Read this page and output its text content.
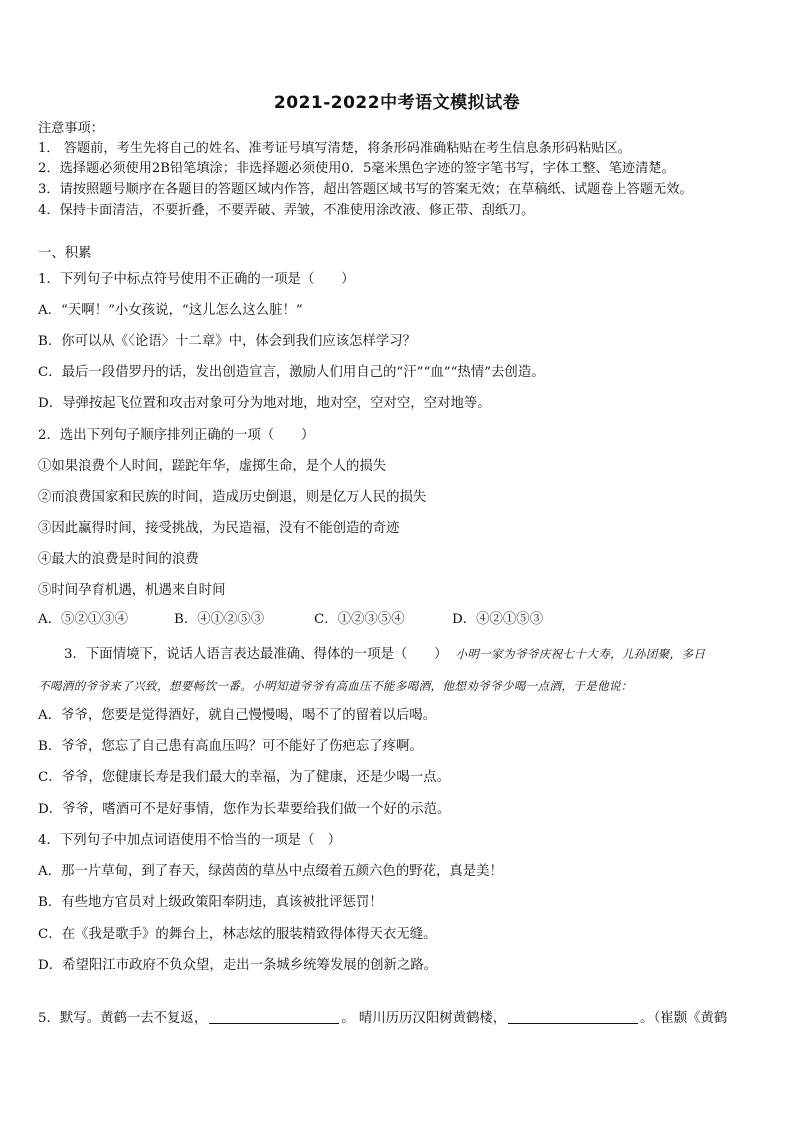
2021-2022中考语文模拟试卷
注意事项：
1． 答题前，考生先将自己的姓名、准考证号填写清楚，将条形码准确粘贴在考生信息条形码粘贴区。
2．选择题必须使用2B铅笔填涂；非选择题必须使用0．5毫米黑色字迹的签字笔书写，字体工整、笔迹清楚。
3．请按照题号顺序在各题目的答题区域内作答，超出答题区域书写的答案无效；在草稿纸、试题卷上答题无效。
4．保持卡面清洁，不要折叠，不要弄破、弄皱，不准使用涂改液、修正带、刮纸刀。
一、积累
1．下列句子中标点符号使用不正确的一项是（　　）
A．“天啊！”小女孩说，“这儿怎么这么脏！”
B．你可以从《〈论语〉十二章》中，体会到我们应该怎样学习？
C．最后一段借罗丹的话，发出创造宣言，激励人们用自己的“汗”“血”“热情”去创造。
D．导弹按起飞位置和攻击对象可分为地对地，地对空，空对空，空对地等。
2．选出下列句子顺序排列正确的一项（　　）
①如果浪费个人时间，蹉跎年华，虚掷生命，是个人的损失
②而浪费国家和民族的时间，造成历史倒退，则是亿万人民的损失
③因此赢得时间，接受挑战，为民造福，没有不能创造的奇迹
④最大的浪费是时间的浪费
⑤时间孕育机遇，机遇来自时间
A．⑤②①③④	B．④①②⑤③	C．①②③⑤④	D．④②①⑤③
3．下面情境下，说话人语言表达最准确、得体的一项是（　　） 小明一家为爷爷庆祝七十大寿，儿孙团聚，多日
不喝酒的爷爷来了兴致，想要畅饮一番。小明知道爷爷有高血压不能多喝酒，他想劝爷爷少喝一点酒，于是他说：
A．爷爷，您要是觉得酒好，就自己慢慢喝，喝不了的留着以后喝。
B．爷爷，您忘了自己患有高血压吗？可不能好了伤疤忘了疼啊。
C．爷爷，您健康长寿是我们最大的幸福，为了健康，还是少喝一点。
D．爷爷，嗜酒可不是好事情，您作为长辈要给我们做一个好的示范。
4．下列句子中加点词语使用不恰当的一项是（　）
A．那一片草甸，到了春天，绿茵茵的草丛中点缀着五颜六色的野花，真是美！
B．有些地方官员对上级政策阳奉阴违，真该被批评惩罚！
C．在《我是歌手》的舞台上，林志炫的服装精致得体得天衣无缝。
D．希望阳江市政府不负众望，走出一条城乡统筹发展的创新之路。
5．默写。黄鹤一去不复返，	。 晴川历历汉阳树黄鹤楼，	。（崔颢《黄鹤
